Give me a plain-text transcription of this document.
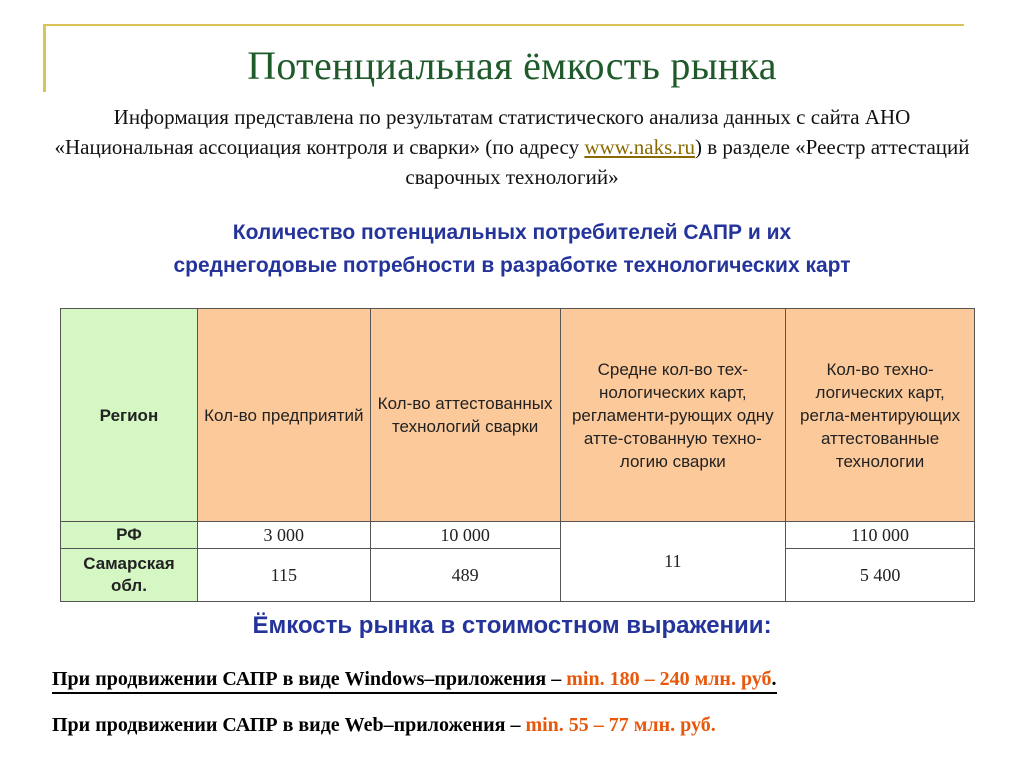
Потенциальная ёмкость рынка
Информация представлена по результатам статистического анализа данных с сайта АНО «Национальная ассоциация контроля и сварки» (по адресу www.naks.ru) в разделе «Реестр аттестаций сварочных технологий»
Количество потенциальных потребителей САПР и их
среднегодовые потребности в разработке технологических карт
Регион	Кол-во предприятий	Кол-во аттестованных технологий сварки	Средне кол-во тех-нологических карт, регламенти-рующих одну атте-стованную техно-логию сварки	Кол-во техно-логических карт, регла-ментирующих аттестованные технологии
РФ	3 000	10 000	11	110 000
Самарская обл.	115	489		5 400
Ёмкость рынка в стоимостном выражении:
При продвижении САПР в виде Windows–приложения – min. 180 – 240 млн. руб.
При продвижении САПР в виде Web–приложения – min. 55 – 77 млн. руб.
